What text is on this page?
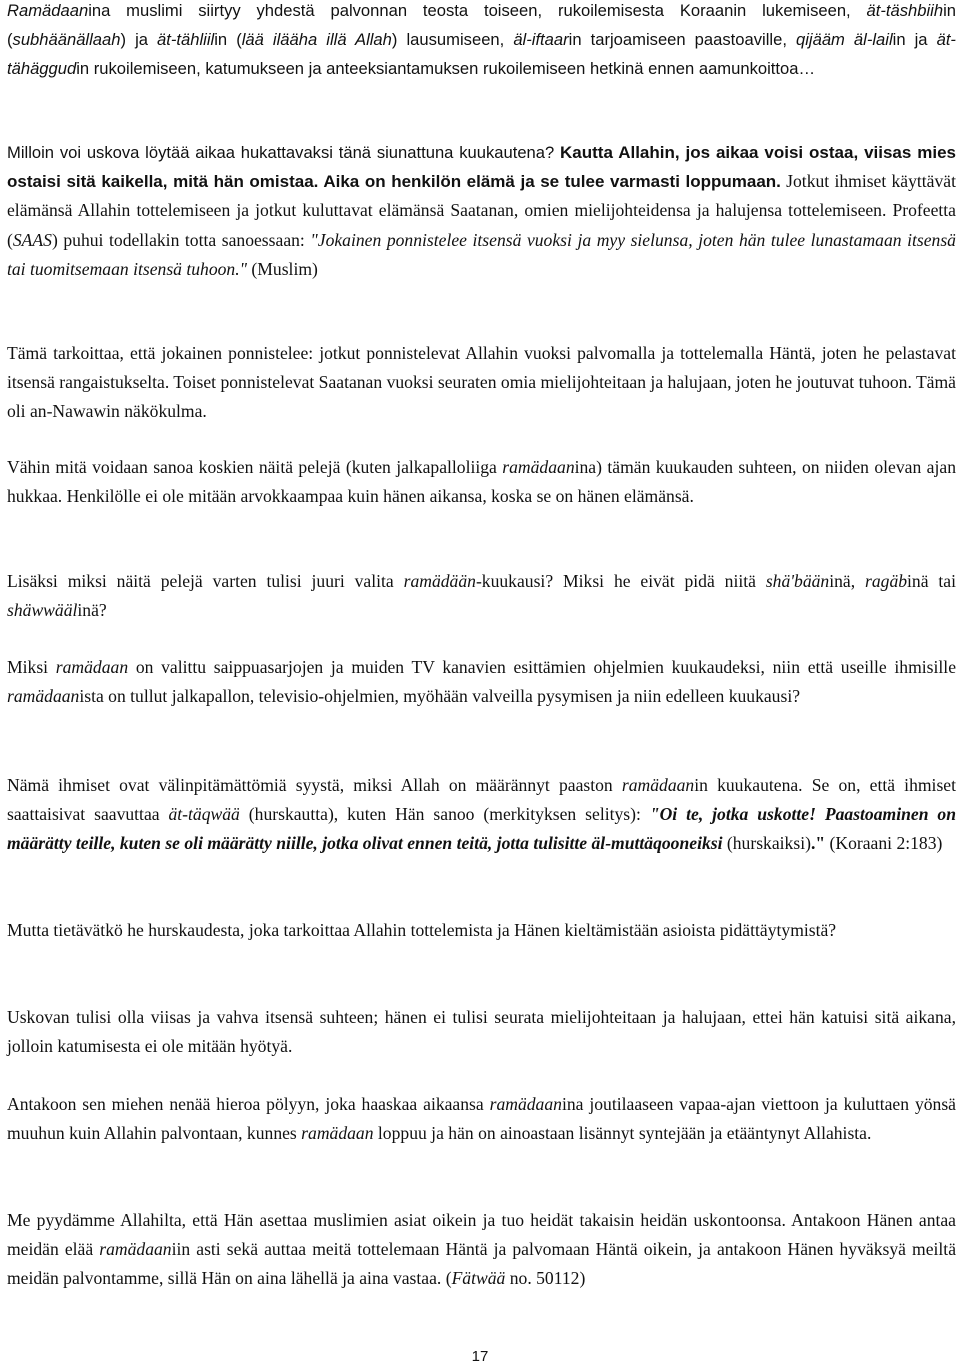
Ramädaanina muslimi siirtyy yhdestä palvonnan teosta toiseen, rukoilemisesta Koraanin lukemiseen, ät-täshbiihin (subhäänällaah) ja ät-tähliilin (lää ilääha illä Allah) lausumiseen, äl-iftaarin tarjoamiseen paastoaville, qijääm äl-lailin ja ät-tähäggudin rukoilemiseen, katumukseen ja anteeksiantamuksen rukoilemiseen hetkinä ennen aamunkoittoa…

Milloin voi uskova löytää aikaa hukattavaksi tänä siunattuna kuukautena? Kautta Allahin, jos aikaa voisi ostaa, viisas mies ostaisi sitä kaikella, mitä hän omistaa. Aika on henkilön elämä ja se tulee varmasti loppumaan. Jotkut ihmiset käyttävät elämänsä Allahin tottelemiseen ja jotkut kuluttavat elämänsä Saatanan, omien mielijohteidensa ja halujensa tottelemiseen. Profeetta (SAAS) puhui todellakin totta sanoessaan: "Jokainen ponnistelee itsensä vuoksi ja myy sielunsa, joten hän tulee lunastamaan itsensä tai tuomitsemaan itsensä tuhoon." (Muslim)

Tämä tarkoittaa, että jokainen ponnistelee: jotkut ponnistelevat Allahin vuoksi palvomalla ja tottelemalla Häntä, joten he pelastavat itsensä rangaistukselta. Toiset ponnistelevat Saatanan vuoksi seuraten omia mielijohteitaan ja halujaan, joten he joutuvat tuhoon. Tämä oli an-Nawawin näkökulma.

Vähin mitä voidaan sanoa koskien näitä pelejä (kuten jalkapalloliiga ramädaanina) tämän kuukauden suhteen, on niiden olevan ajan hukkaa. Henkilölle ei ole mitään arvokkaampaa kuin hänen aikansa, koska se on hänen elämänsä.

Lisäksi miksi näitä pelejä varten tulisi juuri valita ramädään-kuukausi? Miksi he eivät pidä niitä shä'bääninä, ragäbinä tai shäwwäälinä?

Miksi ramädaan on valittu saippuasarjojen ja muiden TV kanavien esittämien ohjelmien kuukaudeksi, niin että useille ihmisille ramädaanista on tullut jalkapallon, televisio-ohjelmien, myöhään valveilla pysymisen ja niin edelleen kuukausi?

Nämä ihmiset ovat välinpitämättömiä syystä, miksi Allah on määrännyt paaston ramädaanin kuukautena. Se on, että ihmiset saattaisivat saavuttaa ät-täqwää (hurskautta), kuten Hän sanoo (merkityksen selitys): "Oi te, jotka uskotte! Paastoaminen on määrätty teille, kuten se oli määrätty niille, jotka olivat ennen teitä, jotta tulisitte äl-muttäqooneiksi (hurskaiksi)." (Koraani 2:183)

Mutta tietävätkö he hurskaudesta, joka tarkoittaa Allahin tottelemista ja Hänen kieltämistään asioista pidättäytymistä?

Uskovan tulisi olla viisas ja vahva itsensä suhteen; hänen ei tulisi seurata mielijohteitaan ja halujaan, ettei hän katuisi sitä aikana, jolloin katumisesta ei ole mitään hyötyä.

Antakoon sen miehen nenää hieroa pölyyn, joka haaskaa aikaansa ramädaanina joutilaaseen vapaa-ajan viettoon ja kuluttaen yönsä muuhun kuin Allahin palvontaan, kunnes ramädaan loppuu ja hän on ainoastaan lisännyt syntejään ja etääntynyt Allahista.

Me pyydämme Allahilta, että Hän asettaa muslimien asiat oikein ja tuo heidät takaisin heidän uskontoonsa. Antakoon Hänen antaa meidän elää ramädaaniin asti sekä auttaa meitä tottelemaan Häntä ja palvomaan Häntä oikein, ja antakoon Hänen hyväksyä meiltä meidän palvontamme, sillä Hän on aina lähellä ja aina vastaa. (Fätwää no. 50112)

17
